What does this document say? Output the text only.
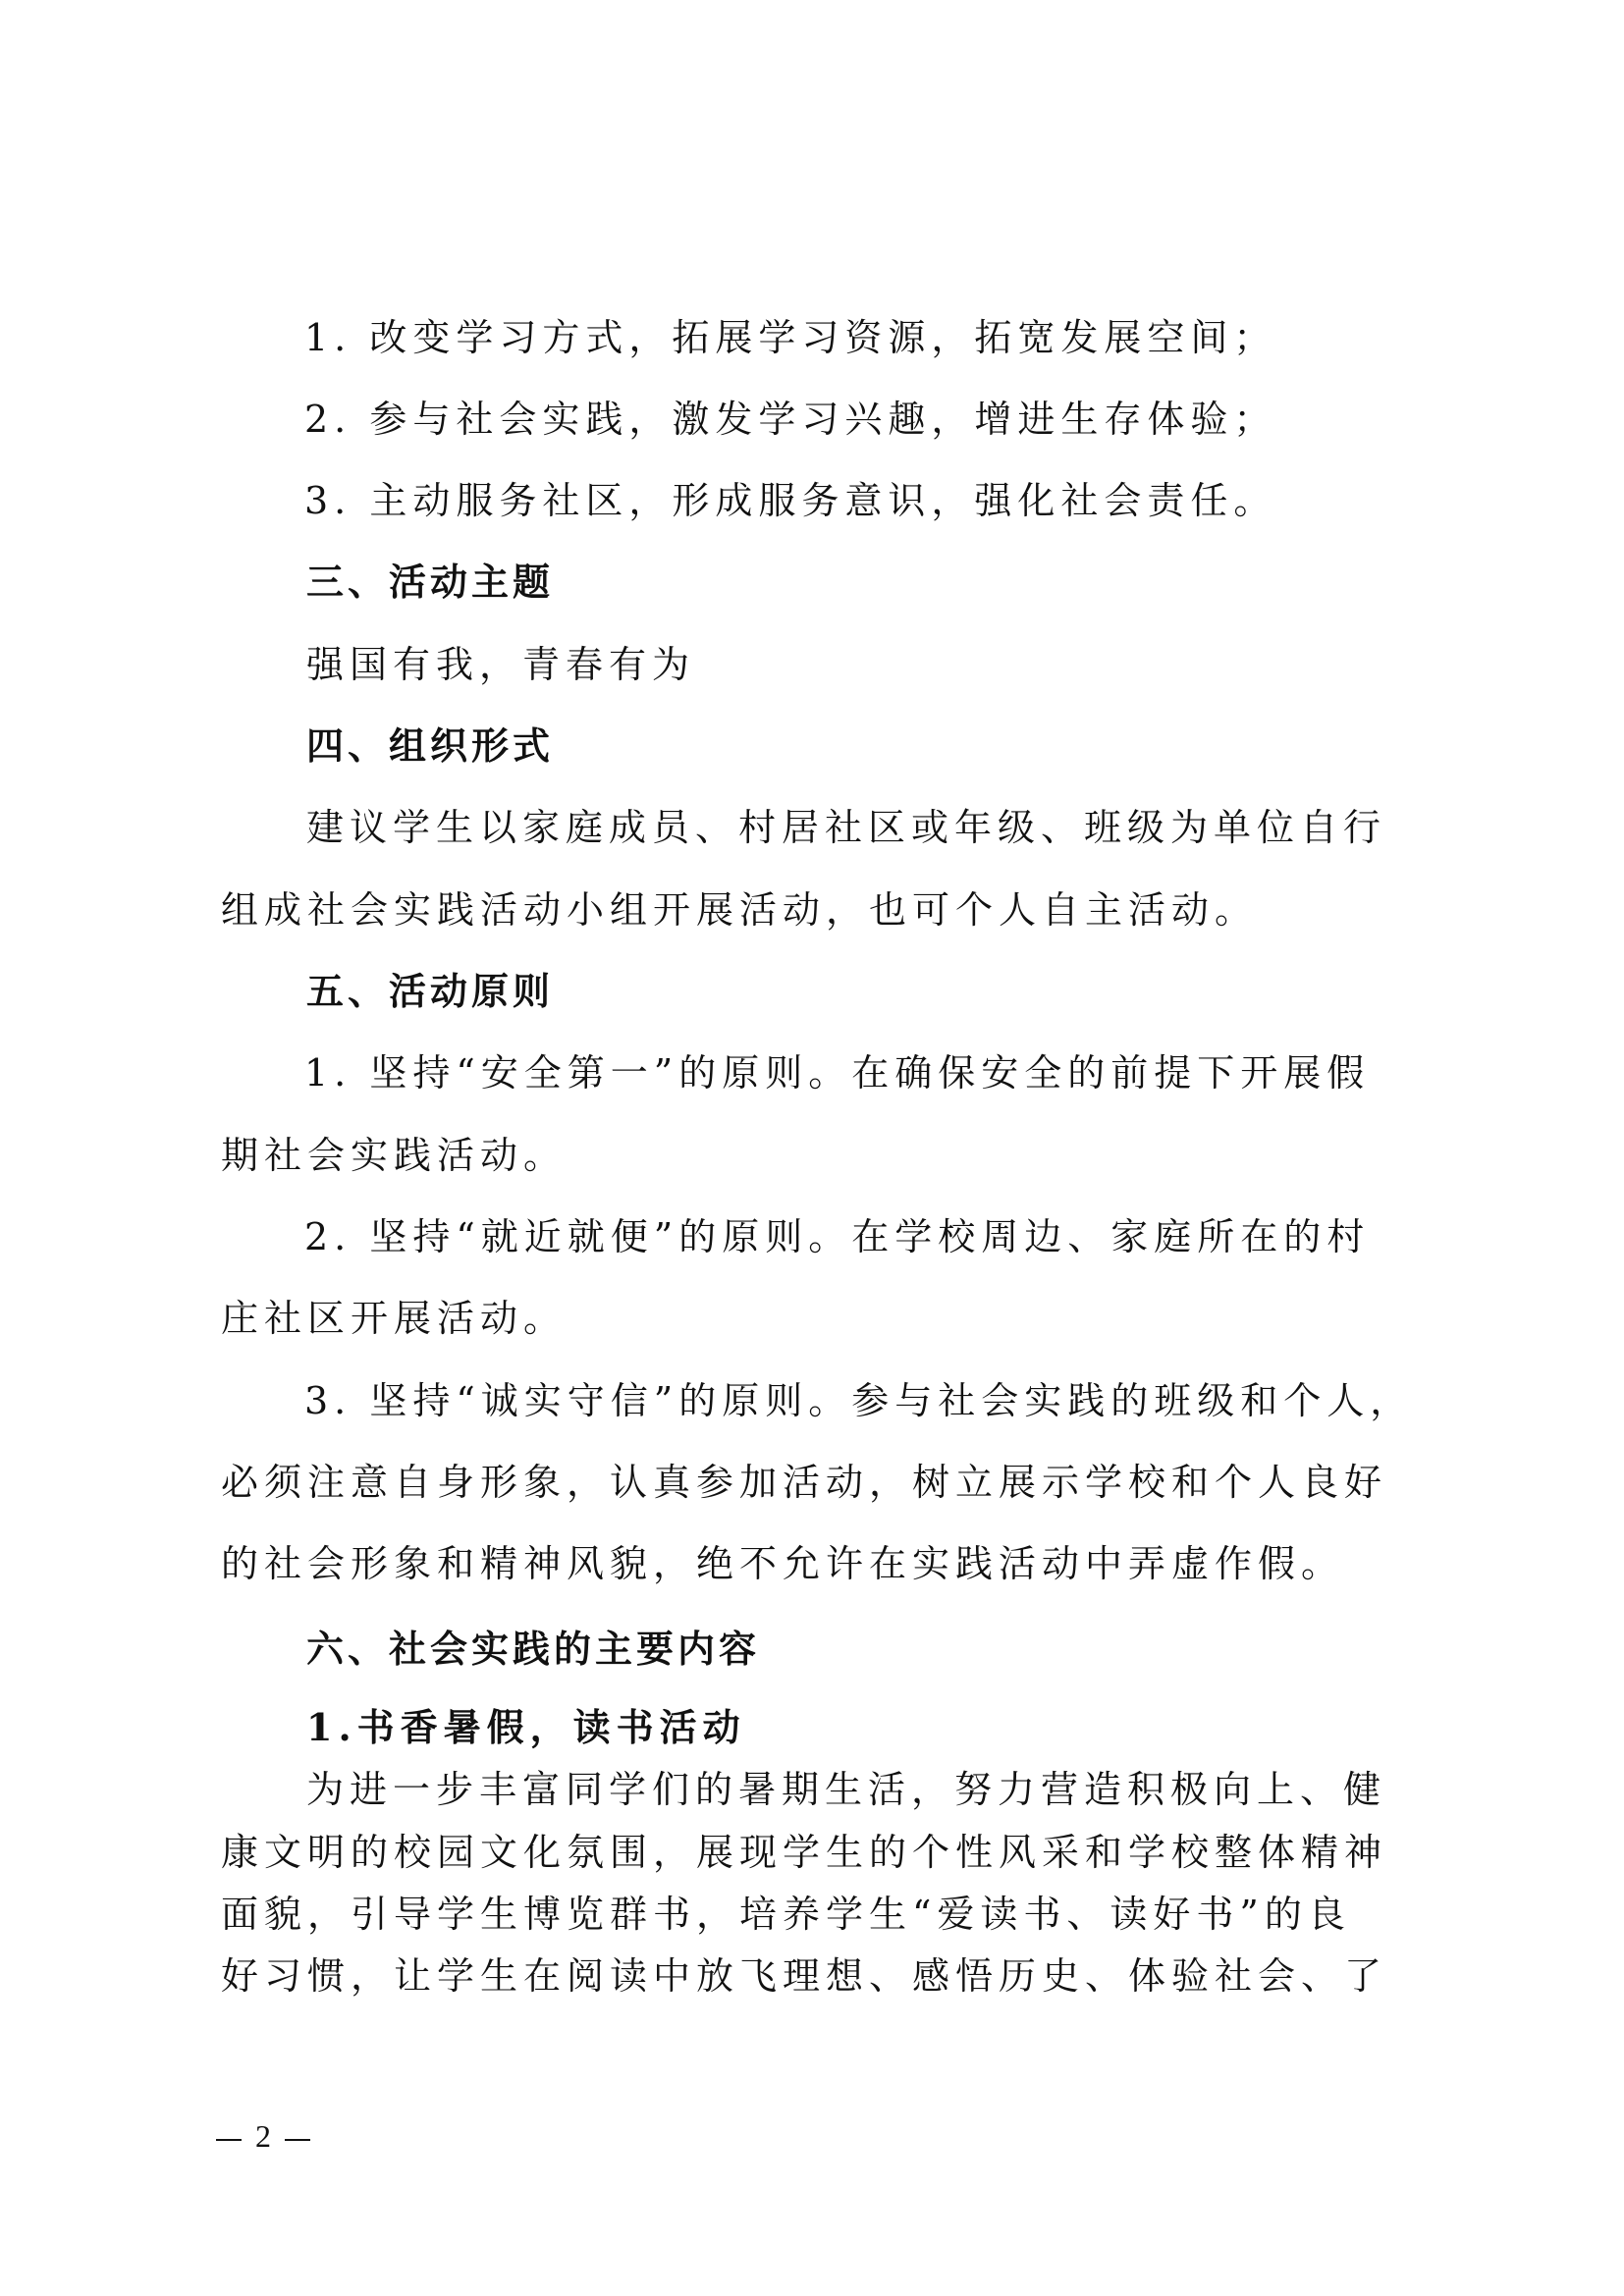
1. 改变学习方式，拓展学习资源，拓宽发展空间；
2. 参与社会实践，激发学习兴趣，增进生存体验；
3. 主动服务社区，形成服务意识，强化社会责任。
三、活动主题
强国有我，青春有为
四、组织形式
建议学生以家庭成员、村居社区或年级、班级为单位自行
组成社会实践活动小组开展活动，也可个人自主活动。
五、活动原则
1. 坚持“安全第一”的原则。在确保安全的前提下开展假
期社会实践活动。
2. 坚持“就近就便”的原则。在学校周边、家庭所在的村
庄社区开展活动。
3. 坚持“诚实守信”的原则。参与社会实践的班级和个人，
必须注意自身形象，认真参加活动，树立展示学校和个人良好
的社会形象和精神风貌，绝不允许在实践活动中弄虚作假。
六、社会实践的主要内容
1.书香暑假，读书活动
为进一步丰富同学们的暑期生活，努力营造积极向上、健
康文明的校园文化氛围，展现学生的个性风采和学校整体精神
面貌，引导学生博览群书，培养学生“爱读书、读好书”的良
好习惯，让学生在阅读中放飞理想、感悟历史、体验社会、了
2
